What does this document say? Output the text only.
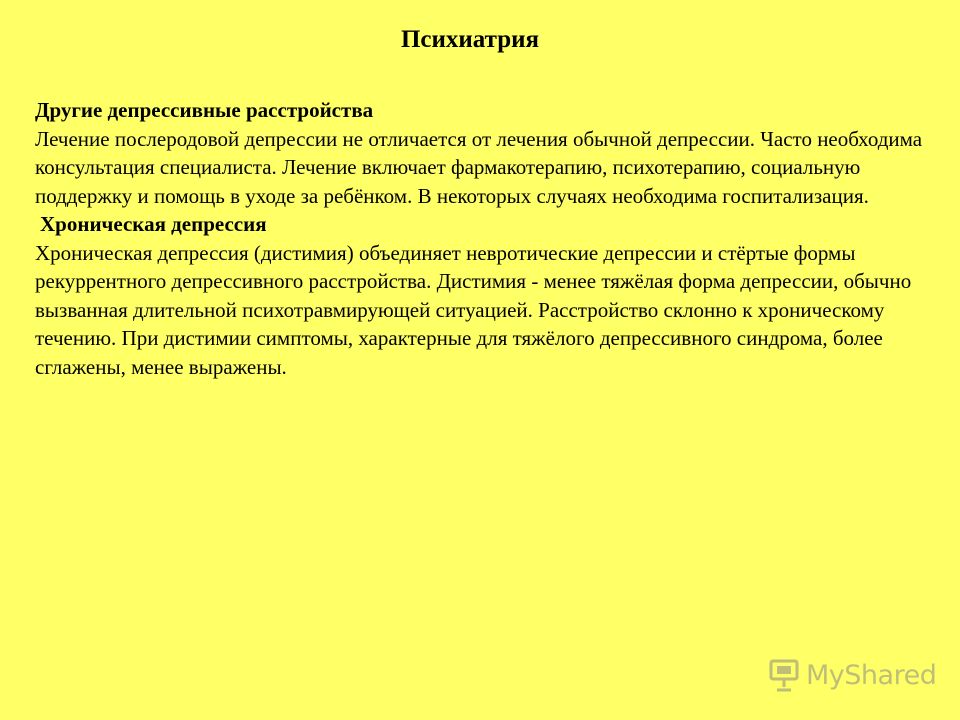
Психиатрия

Другие депрессивные расстройства

Лечение послеродовой депрессии не отличается от лечения обычной депрессии. Часто необходима консультация специалиста. Лечение включает фармакотерапию, психотерапию, социальную поддержку и помощь в уходе за ребёнком. В некоторых случаях необходима госпитализация.

Хроническая депрессия

Хроническая депрессия (дистимия) объединяет невротические депрессии и стёртые формы рекуррентного депрессивного расстройства. Дистимия - менее тяжёлая форма депрессии, обычно вызванная длительной психотравмирующей ситуацией. Расстройство склонно к хроническому течению. При дистимии симптомы, характерные для тяжёлого депрессивного синдрома, более сглажены, менее выражены.

MyShared
